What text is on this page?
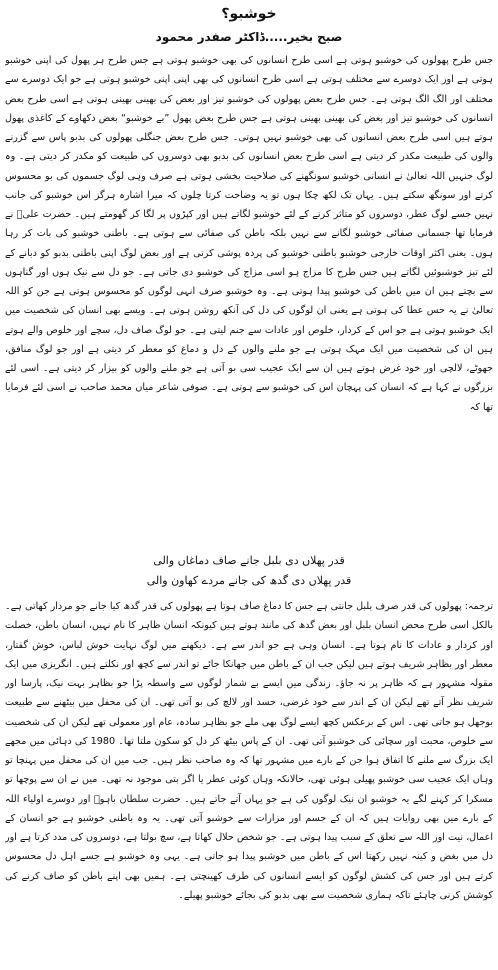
خوشبو؟
صبح بخیر.....ڈاکٹر صفدر محمود

جس طرح پھولوں کی خوشبو ہوتی ہے اسی طرح انسانوں کی بھی خوشبو ہوتی ہے جس طرح ہر پھول کی اپنی خوشبو ہوتی ہے اور ایک دوسرے سے مختلف ہوتی ہے اسی طرح انسانوں کی بھی اپنی اپنی خوشبو ہوتی ہے جو ایک دوسرے سے مختلف اور الگ الگ ہوتی ہے۔ جس طرح بعض پھولوں کی خوشبو تیز اور بعض کی بھینی بھینی ہوتی ہے اسی طرح بعض انسانوں کی خوشبو تیز اور بعض کی بھینی بھینی ہوتی ہے جس طرح بعض پھول ”بے خوشبو“ بعض دکھاوے کے کاغذی پھول ہوتے ہیں اسی طرح بعض انسانوں کی بھی خوشبو نہیں ہوتی۔ جس طرح بعض جنگلی پھولوں کی بدبو پاس سے گزرنے والوں کی طبیعت مکدر کر دیتی ہے اسی طرح بعض انسانوں کی بدبو بھی دوسروں کی طبیعت کو مکدر کر دیتی ہے۔ وہ لوگ جنہیں اللہ تعالیٰ نے انسانی خوشبو سونگھنے کی صلاحیت بخشی ہوتی ہے صرف وہی لوگ جسموں کی بو محسوس کرتے اور سونگھ سکتے ہیں۔ یہاں تک لکھ چکا ہوں تو یہ وضاحت کرتا چلوں کہ میرا اشارہ ہرگز اس خوشبو کی جانب نہیں جسے لوگ عطر، دوسروں کو متاثر کرنے کے لئے خوشبو لگاتے ہیں اور کپڑوں پر لگا کر گھومتے ہیں۔ حضرت علیؓ نے فرمایا تھا جسمانی صفائی خوشبو لگانے سے نہیں بلکہ باطن کی صفائی سے ہوتی ہے۔ باطنی خوشبو کی بات کر رہا ہوں۔ یعنی اکثر اوقات خارجی خوشبو باطنی خوشبو کی پردہ پوشی کرتی ہے اور بعض لوگ اپنی باطنی بدبو کو دبانے کے لئے تیز خوشبوئیں لگاتے ہیں جس طرح کا مزاج ہو اسی مزاج کی خوشبو دی جاتی ہے۔ جو دل سے نیک ہوں اور گناہوں سے بچتے ہیں ان میں باطن کی خوشبو پیدا ہوتی ہے۔ وہ خوشبو صرف انہی لوگوں کو محسوس ہوتی ہے جن کو اللہ تعالیٰ نے یہ حس عطا کی ہوتی ہے یعنی ان لوگوں کی دل کی آنکھ روشن ہوتی ہے۔ ویسے بھی انسان کی شخصیت میں ایک خوشبو ہوتی ہے جو اس کے کردار، خلوص اور عادات سے جنم لیتی ہے۔ جو لوگ صاف دل، سچے اور خلوص والے ہوتے ہیں ان کی شخصیت میں ایک مہک ہوتی ہے جو ملنے والوں کے دل و دماغ کو معطر کر دیتی ہے اور جو لوگ منافق، جھوٹے، لالچی اور خود غرض ہوتے ہیں ان سے ایک عجیب سی بو آتی ہے جو ملنے والوں کو بیزار کر دیتی ہے۔ اسی لئے بزرگوں نے کہا ہے کہ انسان کی پہچان اس کی خوشبو سے ہوتی ہے۔ صوفی شاعر میاں محمد صاحب نے اسی لئے فرمایا تھا کہ

قدر پھلاں دی بلبل جانے صاف دماغاں والی
قدر پھلاں دی گدھ کی جانے مردے کھاون والی

ترجمہ: پھولوں کی قدر صرف بلبل جانتی ہے جس کا دماغ صاف ہوتا ہے پھولوں کی قدر گدھ کیا جانے جو مردار کھاتی ہے۔ بالکل اسی طرح محض انسان بلبل اور بعض گدھ کی مانند ہوتے ہیں کیونکہ انسان ظاہر کا نام نہیں، انسان باطن، خصلت اور کردار و عادات کا نام ہوتا ہے۔ انسان وہی ہے جو اندر سے ہے۔ دیکھنے میں لوگ نہایت خوش لباس، خوش گفتار، معطر اور بظاہر شریف ہوتے ہیں لیکن جب ان کے باطن میں جھانکا جائے تو اندر سے کچھ اور نکلتے ہیں۔ انگریزی میں ایک مقولہ مشہور ہے کہ ظاہر پر نہ جاؤ۔ زندگی میں ایسے بے شمار لوگوں سے واسطہ پڑا جو بظاہر بہت نیک، پارسا اور شریف نظر آتے تھے لیکن ان کے اندر سے خود غرضی، حسد اور لالچ کی بو آتی تھی۔ ان کی محفل میں بیٹھنے سے طبیعت بوجھل ہو جاتی تھی۔ اس کے برعکس کچھ ایسے لوگ بھی ملے جو بظاہر سادہ، عام اور معمولی تھے لیکن ان کی شخصیت سے خلوص، محبت اور سچائی کی خوشبو آتی تھی۔ ان کے پاس بیٹھ کر دل کو سکون ملتا تھا۔ 1980 کی دہائی میں مجھے ایک بزرگ سے ملنے کا اتفاق ہوا جن کے بارے میں مشہور تھا کہ وہ صاحب نظر ہیں۔ جب میں ان کی محفل میں پہنچا تو وہاں ایک عجیب سی خوشبو پھیلی ہوئی تھی، حالانکہ وہاں کوئی عطر یا اگر بتی موجود نہ تھی۔ میں نے ان سے پوچھا تو مسکرا کر کہنے لگے یہ خوشبو ان نیک لوگوں کی ہے جو یہاں آتے جاتے ہیں۔ حضرت سلطان باہوؒ اور دوسرے اولیاء اللہ کے بارے میں بھی روایات ہیں کہ ان کے جسم اور مزارات سے خوشبو آتی تھی۔ یہ وہ باطنی خوشبو ہے جو انسان کے اعمال، نیت اور اللہ سے تعلق کے سبب پیدا ہوتی ہے۔ جو شخص حلال کھاتا ہے، سچ بولتا ہے، دوسروں کی مدد کرتا ہے اور دل میں بغض و کینہ نہیں رکھتا اس کے باطن میں خوشبو پیدا ہو جاتی ہے۔ یہی وہ خوشبو ہے جسے اہل دل محسوس کرتے ہیں اور جس کی کشش لوگوں کو ایسے انسانوں کی طرف کھینچتی ہے۔ ہمیں بھی اپنے باطن کو صاف کرنے کی کوشش کرنی چاہئے تاکہ ہماری شخصیت سے بھی بدبو کی بجائے خوشبو پھیلے۔
